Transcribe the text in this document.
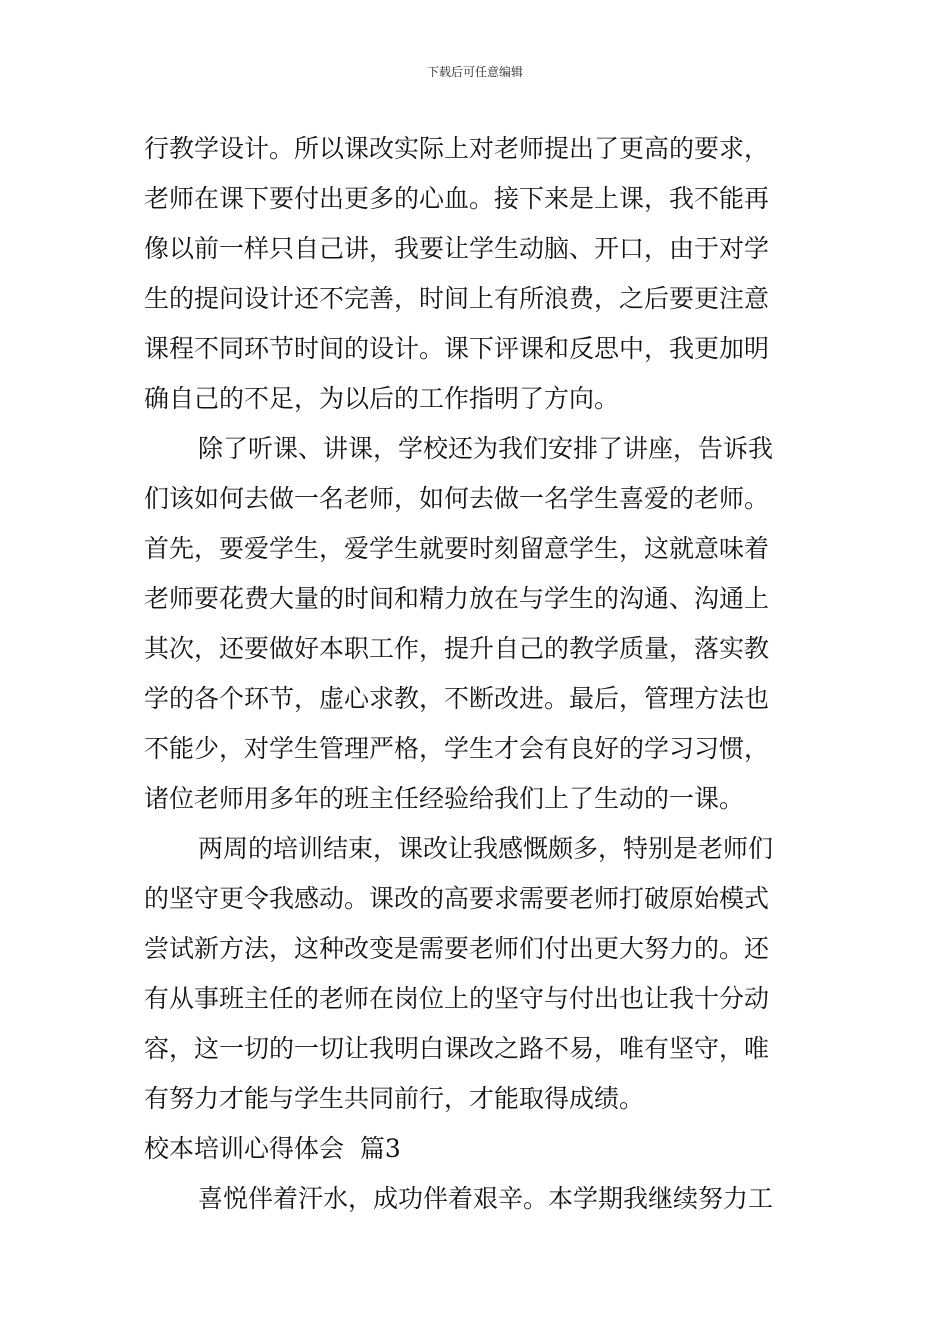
下载后可任意编辑
行教学设计。所以课改实际上对老师提出了更高的要求，
老师在课下要付出更多的心血。接下来是上课，我不能再
像以前一样只自己讲，我要让学生动脑、开口，由于对学
生的提问设计还不完善，时间上有所浪费，之后要更注意
课程不同环节时间的设计。课下评课和反思中，我更加明
确自己的不足，为以后的工作指明了方向。
除了听课、讲课，学校还为我们安排了讲座，告诉我
们该如何去做一名老师，如何去做一名学生喜爱的老师。
首先，要爱学生，爱学生就要时刻留意学生，这就意味着
老师要花费大量的时间和精力放在与学生的沟通、沟通上
其次，还要做好本职工作，提升自己的教学质量，落实教
学的各个环节，虚心求教，不断改进。最后，管理方法也
不能少，对学生管理严格，学生才会有良好的学习习惯，
诸位老师用多年的班主任经验给我们上了生动的一课。
两周的培训结束，课改让我感慨颇多，特别是老师们
的坚守更令我感动。课改的高要求需要老师打破原始模式
尝试新方法，这种改变是需要老师们付出更大努力的。还
有从事班主任的老师在岗位上的坚守与付出也让我十分动
容，这一切的一切让我明白课改之路不易，唯有坚守，唯
有努力才能与学生共同前行，才能取得成绩。
校本培训心得体会  篇3
喜悦伴着汗水，成功伴着艰辛。本学期我继续努力工
